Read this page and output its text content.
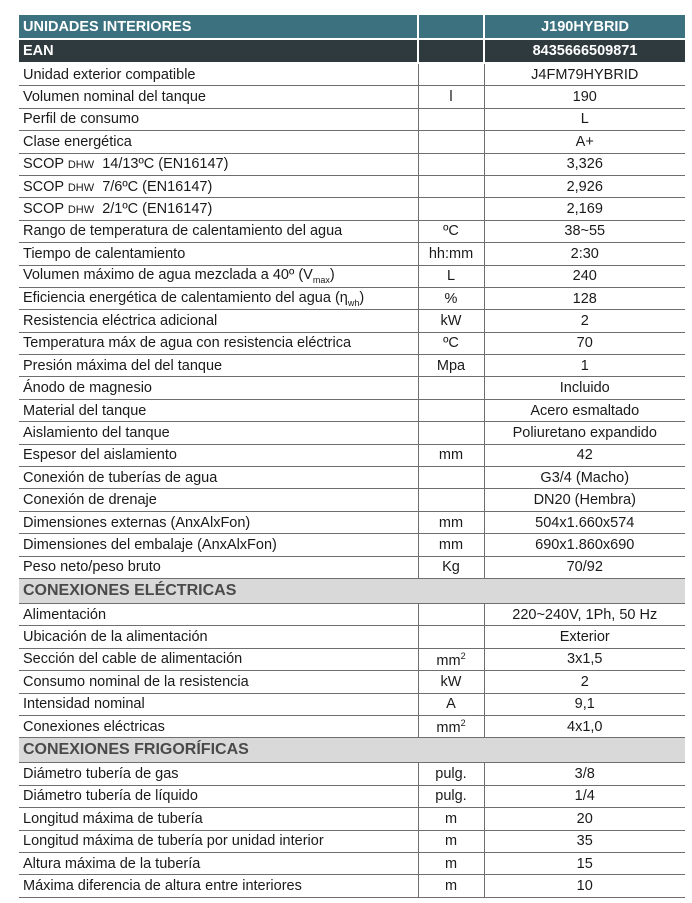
UNIDADES INTERIORES		J190HYBRID
EAN		8435666509871
Unidad exterior compatible		J4FM79HYBRID
Volumen nominal del tanque	l	190
Perfil de consumo		L
Clase energética		A+
SCOP DHW  14/13ºC (EN16147)		3,326
SCOP DHW  7/6ºC (EN16147)		2,926
SCOP DHW  2/1ºC (EN16147)		2,169
Rango de temperatura de calentamiento del agua	ºC	38~55
Tiempo de calentamiento	hh:mm	2:30
Volumen máximo de agua mezclada a 40º $(V_{max})$	L	240
Eficiencia energética de calentamiento del agua $(\eta_{wh})$	%	128
Resistencia eléctrica adicional	kW	2
Temperatura máx de agua con resistencia eléctrica	ºC	70
Presión máxima del del tanque	Mpa	1
Ánodo de magnesio		Incluido
Material del tanque		Acero esmaltado
Aislamiento del tanque		Poliuretano expandido
Espesor del aislamiento	mm	42
Conexión de tuberías de agua		G3/4 (Macho)
Conexión de drenaje		DN20 (Hembra)
Dimensiones externas (AnxAlxFon)	mm	504x1.660x574
Dimensiones del embalaje (AnxAlxFon)	mm	690x1.860x690
Peso neto/peso bruto	Kg	70/92
CONEXIONES ELÉCTRICAS		
Alimentación		220~240V, 1Ph, 50 Hz
Ubicación de la alimentación		Exterior
Sección del cable de alimentación	$mm^2$	3x1,5
Consumo nominal de la resistencia	kW	2
Intensidad nominal	A	9,1
Conexiones eléctricas	$mm^2$	4x1,0
CONEXIONES FRIGORÍFICAS		
Diámetro tubería de gas	pulg.	3/8
Diámetro tubería de líquido	pulg.	1/4
Longitud máxima de tubería	m	20
Longitud máxima de tubería por unidad interior	m	35
Altura máxima de la tubería	m	15
Máxima diferencia de altura entre interiores	m	10
